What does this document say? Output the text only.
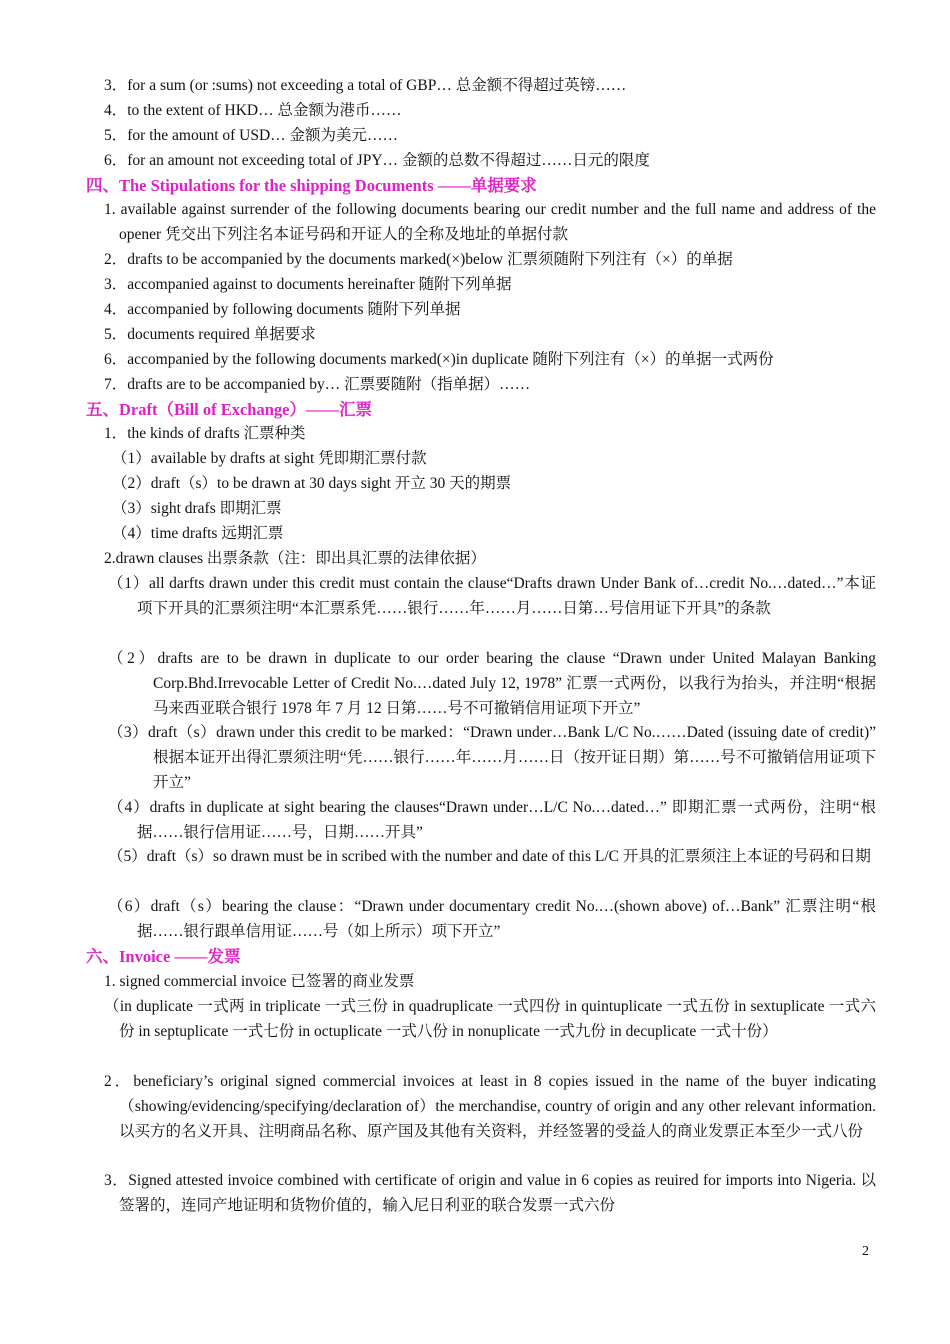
3．for a sum (or :sums) not exceeding a total of GBP… 总金额不得超过英镑……
4．to the extent of HKD… 总金额为港币……
5．for the amount of USD… 金额为美元……
6．for an amount not exceeding total of JPY… 金额的总数不得超过……日元的限度
四、The Stipulations for the shipping Documents ——单据要求
1. available against surrender of the following documents bearing our credit number and the full name and address of the opener 凭交出下列注名本证号码和开证人的全称及地址的单据付款
2．drafts to be accompanied by the documents marked(×)below 汇票须随附下列注有（×）的单据
3．accompanied against to documents hereinafter 随附下列单据
4．accompanied by following documents 随附下列单据
5．documents required 单据要求
6．accompanied by the following documents marked(×)in duplicate 随附下列注有（×）的单据一式两份
7．drafts are to be accompanied by… 汇票要随附（指单据）……
五、Draft（Bill of Exchange）——汇票
1．the kinds of drafts 汇票种类
（1）available by drafts at sight 凭即期汇票付款
（2）draft（s）to be drawn at 30 days sight 开立 30 天的期票
（3）sight drafs 即期汇票
（4）time drafts 远期汇票
2.drawn clauses 出票条款（注：即出具汇票的法律依据）
（1）all darfts drawn under this credit must contain the clause“Drafts drawn Under Bank of…credit No.…dated…”本证项下开具的汇票须注明“本汇票系凭……银行……年……月……日第…号信用证下开具”的条款
（2）drafts are to be drawn in duplicate to our order bearing the clause “Drawn under United Malayan Banking Corp.Bhd.Irrevocable Letter of Credit No.…dated July 12, 1978” 汇票一式两份，以我行为抬头，并注明“根据马来西亚联合银行 1978 年 7 月 12 日第……号不可撤销信用证项下开立”
（3）draft（s）drawn under this credit to be marked：“Drawn under…Bank L/C No.……Dated (issuing date of credit)” 根据本证开出得汇票须注明“凭……银行……年……月……日（按开证日期）第……号不可撤销信用证项下开立”
（4）drafts in duplicate at sight bearing the clauses“Drawn under…L/C No.…dated…” 即期汇票一式两份，注明“根据……银行信用证……号，日期……开具”
（5）draft（s）so drawn must be in scribed with the number and date of this L/C 开具的汇票须注上本证的号码和日期
（6）draft（s）bearing the clause：“Drawn under documentary credit No.…(shown above) of…Bank” 汇票注明“根据……银行跟单信用证……号（如上所示）项下开立”
六、Invoice ——发票
1. signed commercial invoice 已签署的商业发票
（in duplicate 一式两 in triplicate 一式三份 in quadruplicate 一式四份 in quintuplicate 一式五份 in sextuplicate 一式六份 in septuplicate 一式七份 in octuplicate 一式八份 in nonuplicate 一式九份 in decuplicate 一式十份）
2．beneficiary’s original signed commercial invoices at least in 8 copies issued in the name of the buyer indicating（showing/evidencing/specifying/declaration of）the merchandise, country of origin and any other relevant information. 以买方的名义开具、注明商品名称、原产国及其他有关资料，并经签署的受益人的商业发票正本至少一式八份
3．Signed attested invoice combined with certificate of origin and value in 6 copies as reuired for imports into Nigeria. 以签署的，连同产地证明和货物价值的，输入尼日利亚的联合发票一式六份
2
